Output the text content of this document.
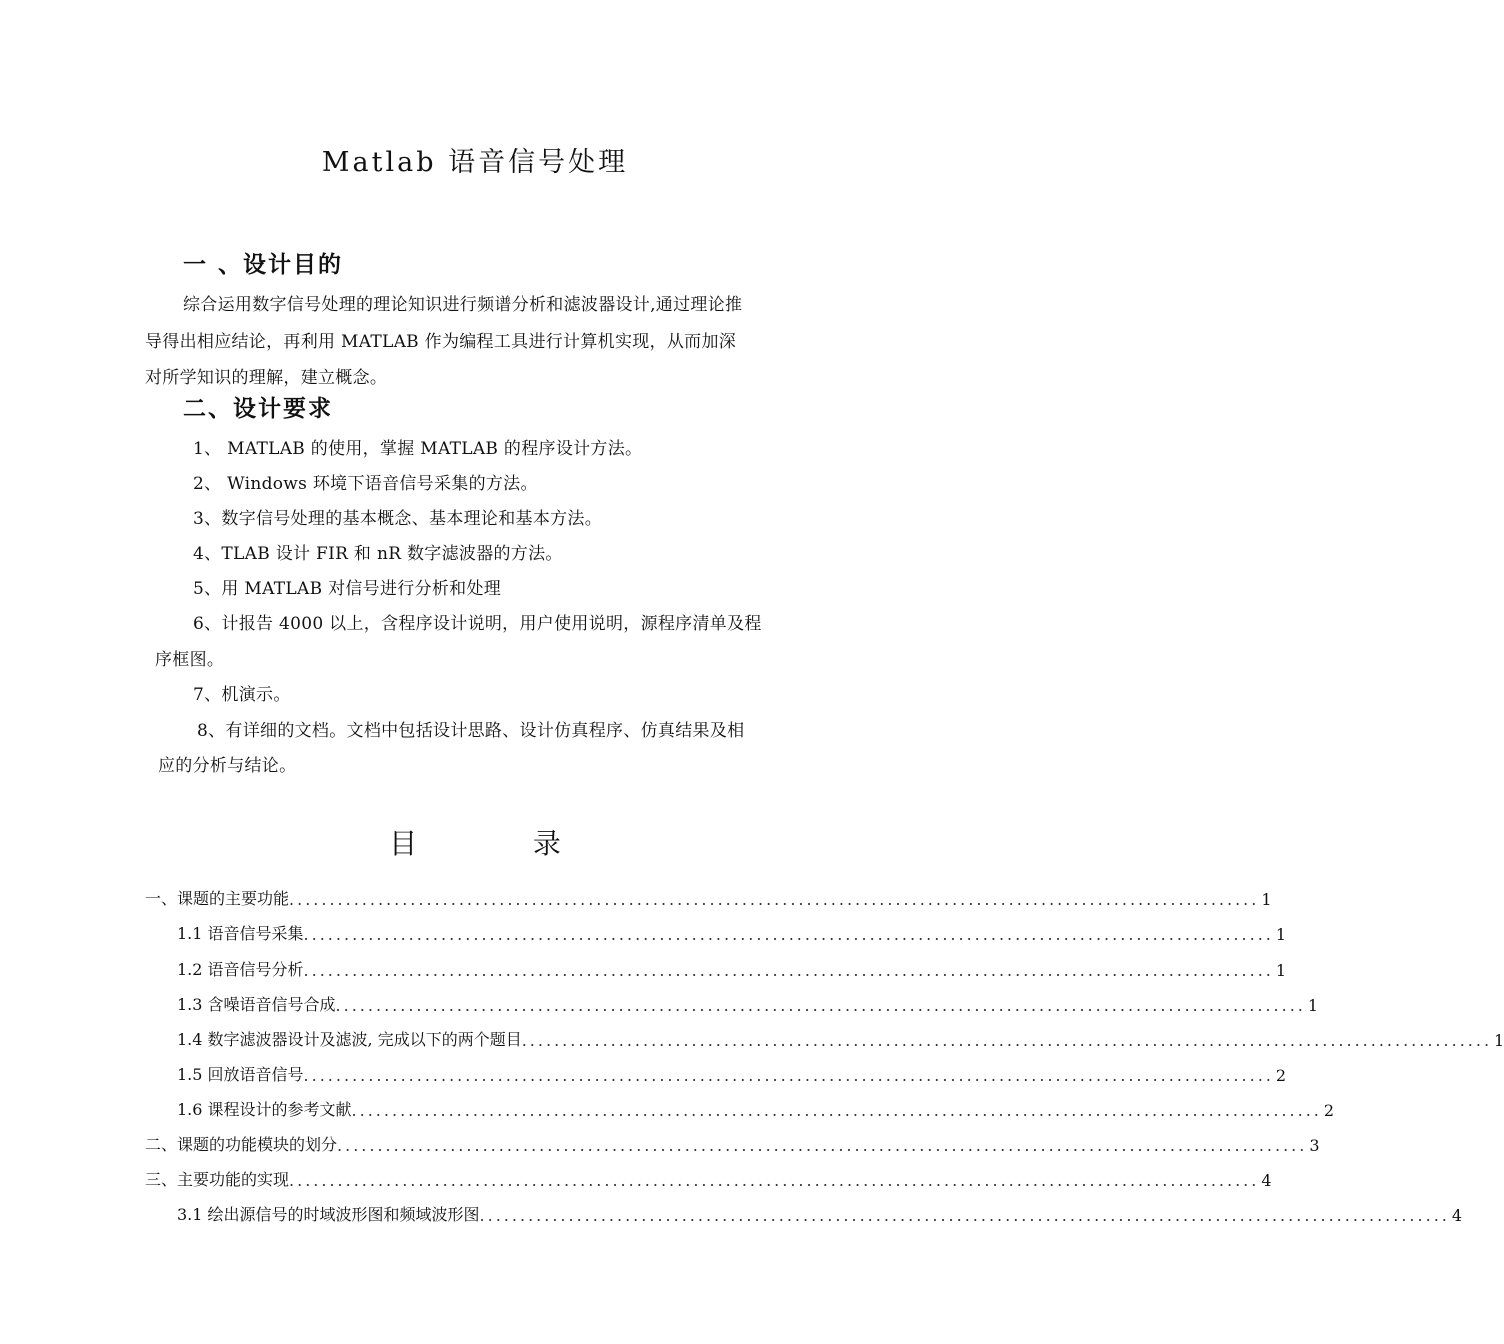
Matlab 语音信号处理
一 、设计目的
综合运用数字信号处理的理论知识进行频谱分析和滤波器设计,通过理论推
导得出相应结论，再利用 MATLAB 作为编程工具进行计算机实现，从而加深
对所学知识的理解，建立概念。
二、设计要求
1、 MATLAB 的使用，掌握 MATLAB 的程序设计方法。
2、 Windows 环境下语音信号采集的方法。
3、数字信号处理的基本概念、基本理论和基本方法。
4、TLAB 设计 FIR 和 nR 数字滤波器的方法。
5、用 MATLAB 对信号进行分析和处理
6、计报告 4000 以上，含程序设计说明，用户使用说明，源程序清单及程
序框图。
7、机演示。
8、有详细的文档。文档中包括设计思路、设计仿真程序、仿真结果及相
应的分析与结论。
目	录
一、课题的主要功能 ........................................................................................................................ 1
1.1 语音信号采集 ........................................................................................................................ 1
1.2 语音信号分析 ........................................................................................................................ 1
1.3 含噪语音信号合成 ........................................................................................................................ 1
1.4 数字滤波器设计及滤波, 完成以下的两个题目 ........................................................................................................................ 1
1.5 回放语音信号 ........................................................................................................................ 2
1.6 课程设计的参考文献 ........................................................................................................................ 2
二、课题的功能模块的划分 ........................................................................................................................ 3
三、主要功能的实现 ........................................................................................................................ 4
3.1 绘出源信号的时域波形图和频域波形图 ........................................................................................................................ 4
